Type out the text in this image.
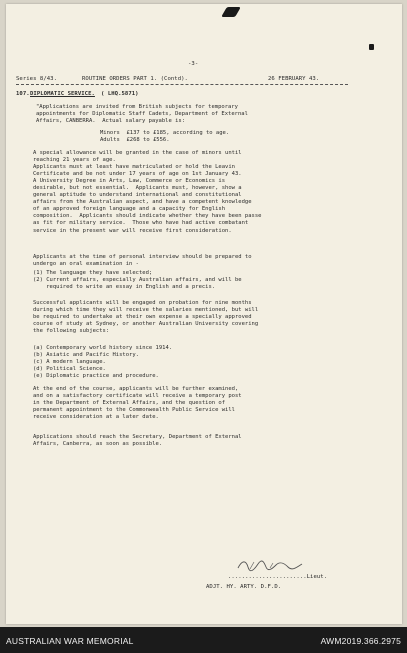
-3-
Series 8/43.	ROUTINE ORDERS PART 1. (Contd).	26 FEBRUARY 43.
107. DIPLOMATIC SERVICE. ( LHQ.5871)
"Applications are invited from British subjects for temporary
appointments for Diplomatic Staff Cadets, Department of External
Affairs, CANBERRA.  Actual salary payable is:
Minors  £137 to £185, according to age.
Adults  £268 to £556.
A special allowance will be granted in the case of minors until
reaching 21 years of age.
Applicants must at least have matriculated or hold the Leavin
Certificate and be not under 17 years of age on 1st January 43.
A University Degree in Arts, Law, Commerce or Economics is
desirable, but not essential.  Applicants must, however, show a
general aptitude to understand international and constitutional
affairs from the Australian aspect, and have a competent knowledge
of an approved foreign language and a capacity for English
composition.  Applicants should indicate whether they have been passe
as fit for military service.  Those who have had active combatant
service in the present war will receive first consideration.
Applicants at the time of personal interview should be prepared to
undergo an oral examination in -
(1) The language they have selected;
(2) Current affairs, especially Australian affairs, and will be
required to write an essay in English and a precis.
Successful applicants will be engaged on probation for nine months
during which time they will receive the salaries mentioned, but will
be required to undertake at their own expense a specially approved
course of study at Sydney, or another Australian University covering
the following subjects:
(a) Contemporary world history since 1914.
(b) Asiatic and Pacific History.
(c) A modern language.
(d) Political Science.
(e) Diplomatic practice and procedure.
At the end of the course, applicants will be further examined,
and on a satisfactory certificate will receive a temporary post
in the Department of External Affairs, and the question of
permanent appointment to the Commonwealth Public Service will
receive consideration at a later date.
Applications should reach the Secretary, Department of External
Affairs, Canberra, as soon as possible.
.......................Lieut.
ADJT. HY. ARTY. D.F.D.
AUSTRALIAN WAR MEMORIAL	AWM2019.366.2975
